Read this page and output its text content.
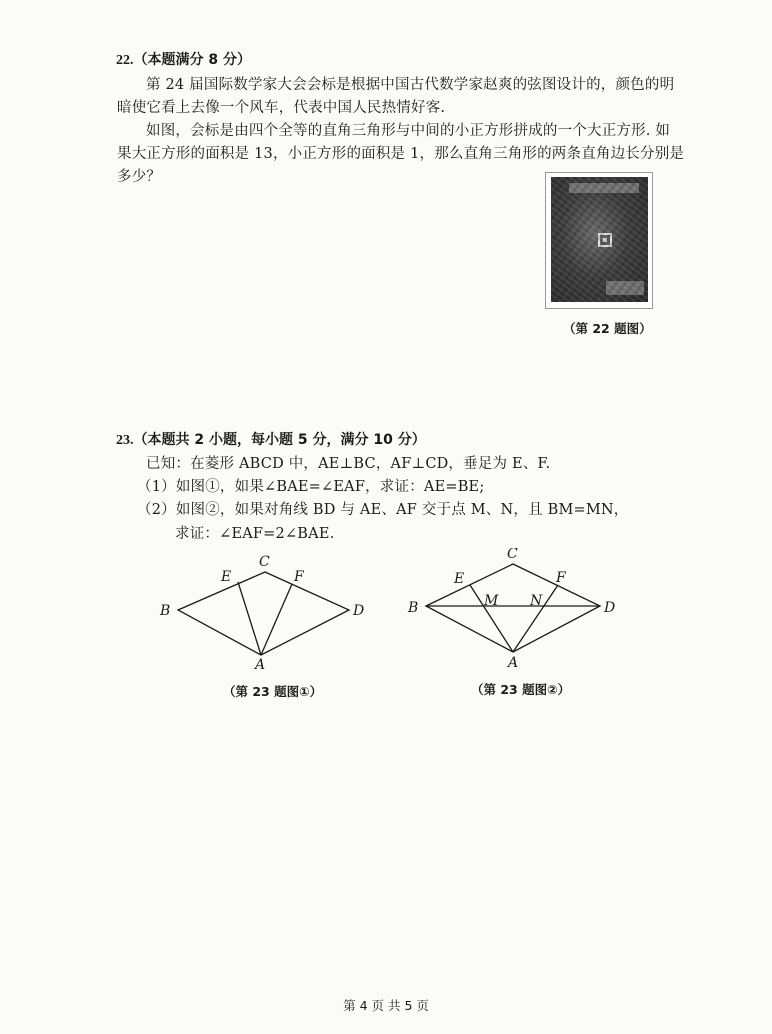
22.（本题满分 8 分）
第 24 届国际数学家大会会标是根据中国古代数学家赵爽的弦图设计的，颜色的明
暗使它看上去像一个风车，代表中国人民热情好客.
如图，会标是由四个全等的直角三角形与中间的小正方形拼成的一个大正方形. 如
果大正方形的面积是 13，小正方形的面积是 1，那么直角三角形的两条直角边长分别是
多少？
（第 22 题图）
23.（本题共 2 小题，每小题 5 分，满分 10 分）
已知：在菱形 ABCD 中，AE⊥BC，AF⊥CD，垂足为 E、F.
（1）如图①，如果∠BAE=∠EAF，求证：AE=BE;
（2）如图②，如果对角线 BD 与 AE、AF 交于点 M、N，且 BM=MN，
求证：∠EAF=2∠BAE.
B
C
D
A
E	F
B
C
D
A
E	F
M N
（第 23 题图①）	（第 23 题图②）
第 4 页 共 5 页
